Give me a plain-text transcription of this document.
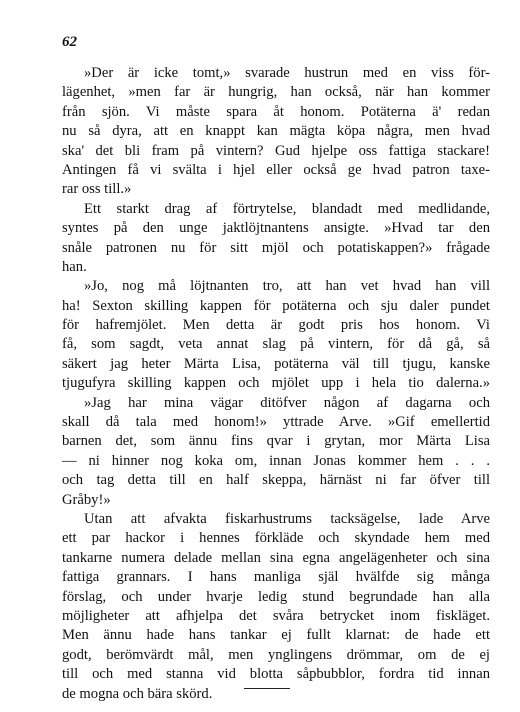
62
»Der är icke tomt,» svarade hustrun med en viss för-
lägenhet, »men far är hungrig, han också, när han kommer
från sjön. Vi måste spara åt honom. Potäterna ä' redan
nu så dyra, att en knappt kan mägta köpa några, men hvad
ska' det bli fram på vintern? Gud hjelpe oss fattiga stackare!
Antingen få vi svälta i hjel eller också ge hvad patron taxe-
rar oss till.»
Ett starkt drag af förtrytelse, blandadt med medlidande,
syntes på den unge jaktlöjtnantens ansigte. »Hvad tar den
snåle patronen nu för sitt mjöl och potatiskappen?» frågade
han.
»Jo, nog må löjtnanten tro, att han vet hvad han vill
ha! Sexton skilling kappen för potäterna och sju daler pundet
för hafremjölet. Men detta är godt pris hos honom. Vi
få, som sagdt, veta annat slag på vintern, för då gå, så
säkert jag heter Märta Lisa, potäterna väl till tjugu, kanske
tjugufyra skilling kappen och mjölet upp i hela tio dalerna.»
»Jag har mina vägar ditöfver någon af dagarna och
skall då tala med honom!» yttrade Arve. »Gif emellertid
barnen det, som ännu fins qvar i grytan, mor Märta Lisa
— ni hinner nog koka om, innan Jonas kommer hem . . .
och tag detta till en half skeppa, härnäst ni far öfver till
Gråby!»
Utan att afvakta fiskarhustrums tacksägelse, lade Arve
ett par hackor i hennes förkläde och skyndade hem med
tankarne numera delade mellan sina egna angelägenheter och sina
fattiga grannars. I hans manliga själ hvälfde sig många
förslag, och under hvarje ledig stund begrundade han alla
möjligheter att afhjelpa det svåra betrycket inom fiskläget.
Men ännu hade hans tankar ej fullt klarnat: de hade ett
godt, berömvärdt mål, men ynglingens drömmar, om de ej
till och med stanna vid blotta såpbubblor, fordra tid innan
de mogna och bära skörd.
